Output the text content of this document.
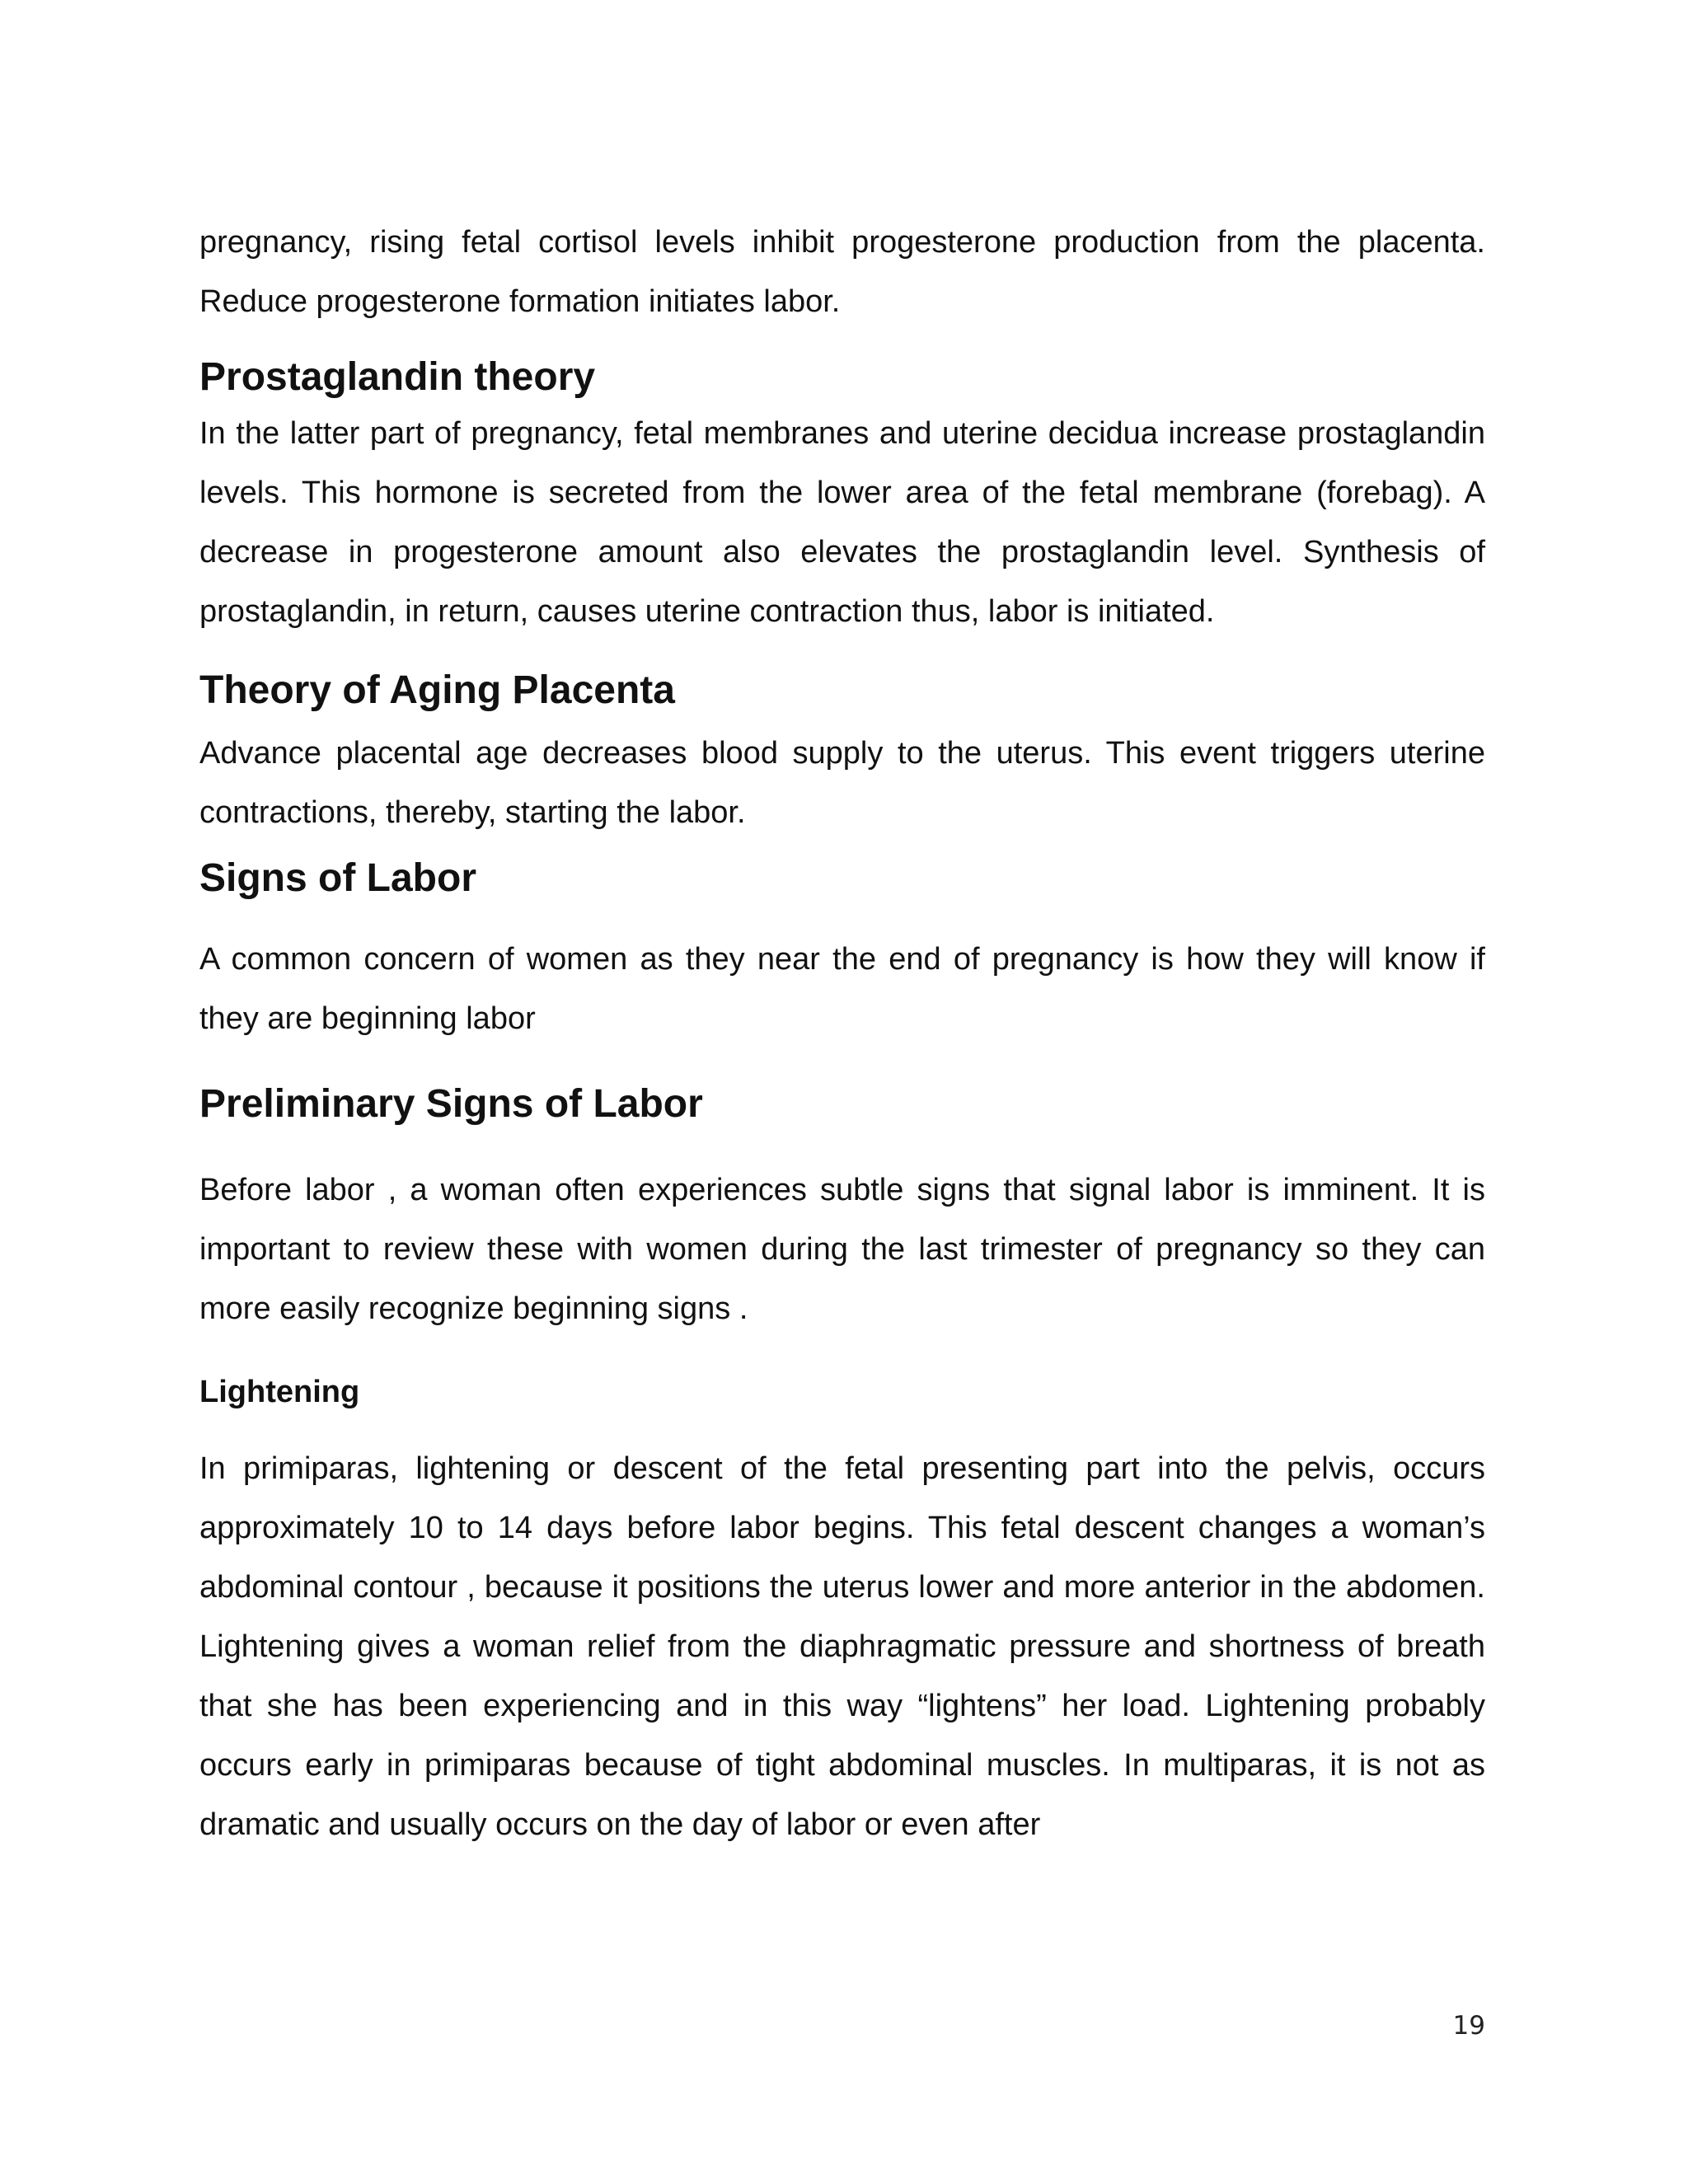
pregnancy, rising fetal cortisol levels inhibit progesterone production from the placenta. Reduce progesterone formation initiates labor.

Prostaglandin theory

In the latter part of pregnancy, fetal membranes and uterine decidua increase prostaglandin levels. This hormone is secreted from the lower area of the fetal membrane (forebag). A decrease in progesterone amount also elevates the prostaglandin level. Synthesis of prostaglandin, in return, causes uterine contraction thus, labor is initiated.

Theory of Aging Placenta

Advance placental age decreases blood supply to the uterus. This event triggers uterine contractions, thereby, starting the labor.

Signs of Labor

A common concern of women as they near the end of pregnancy is how they will know if they are beginning labor

Preliminary Signs of Labor

Before labor , a woman often experiences subtle signs that signal labor is imminent. It is important to review these with women during the last trimester of pregnancy so they can more easily recognize beginning signs .

Lightening

In primiparas, lightening or descent of the fetal presenting part into the pelvis, occurs approximately 10 to 14 days before labor begins. This fetal descent changes a woman’s abdominal contour , because it positions the uterus lower and more anterior in the abdomen. Lightening gives a woman relief from the diaphragmatic pressure and shortness of breath that she has been experiencing and in this way “lightens” her load. Lightening probably occurs early in primiparas because of tight abdominal muscles. In multiparas, it is not as dramatic and usually occurs on the day of labor or even after

19
